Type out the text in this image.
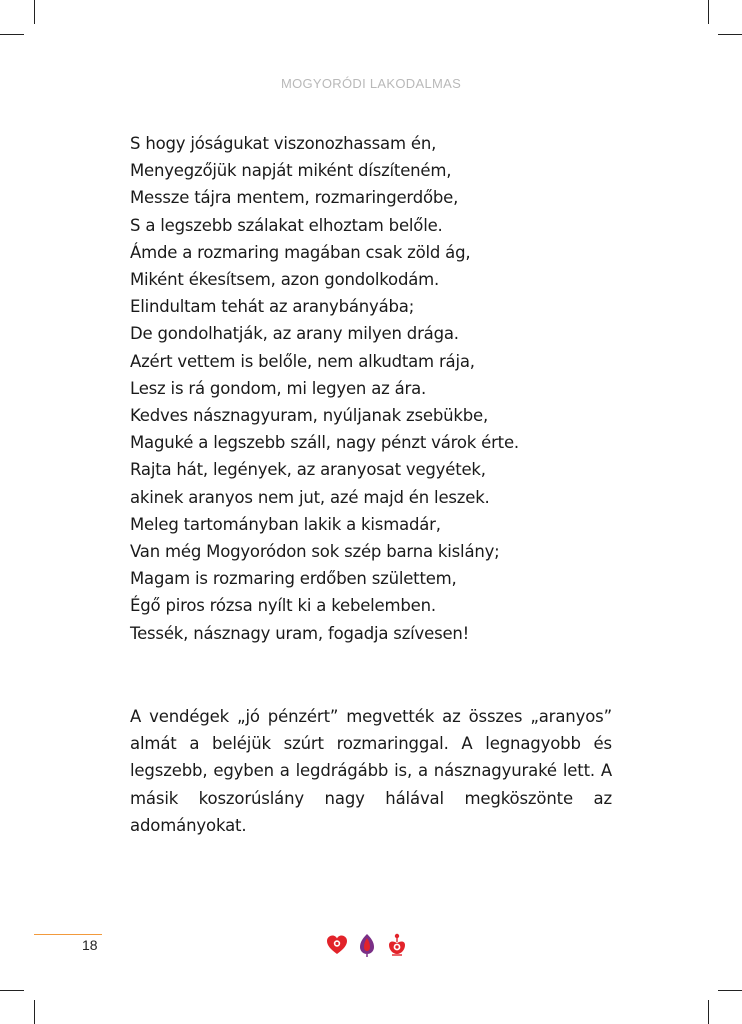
MOGYORÓDI LAKODALMAS
S hogy jóságukat viszonozhassam én,
Menyegzőjük napját miként díszíteném,
Messze tájra mentem, rozmaringerdőbe,
S a legszebb szálakat elhoztam belőle.
Ámde a rozmaring magában csak zöld ág,
Miként ékesítsem, azon gondolkodám.
Elindultam tehát az aranybányába;
De gondolhatják, az arany milyen drága.
Azért vettem is belőle, nem alkudtam rája,
Lesz is rá gondom, mi legyen az ára.
Kedves násznagyuram, nyúljanak zsebükbe,
Maguké a legszebb száll, nagy pénzt várok érte.
Rajta hát, legények, az aranyosat vegyétek,
akinek aranyos nem jut, azé majd én leszek.
Meleg tartományban lakik a kismadár,
Van még Mogyoródon sok szép barna kislány;
Magam is rozmaring erdőben születtem,
Égő piros rózsa nyílt ki a kebelemben.
Tessék, násznagy uram, fogadja szívesen!

A vendégek „jó pénzért” megvették az összes „aranyos” almát a beléjük szúrt rozmaringgal. A legnagyobb és legszebb, egyben a legdrágább is, a násznagyuraké lett. A másik koszorúslány nagy hálával megköszönte az adományokat.

18
